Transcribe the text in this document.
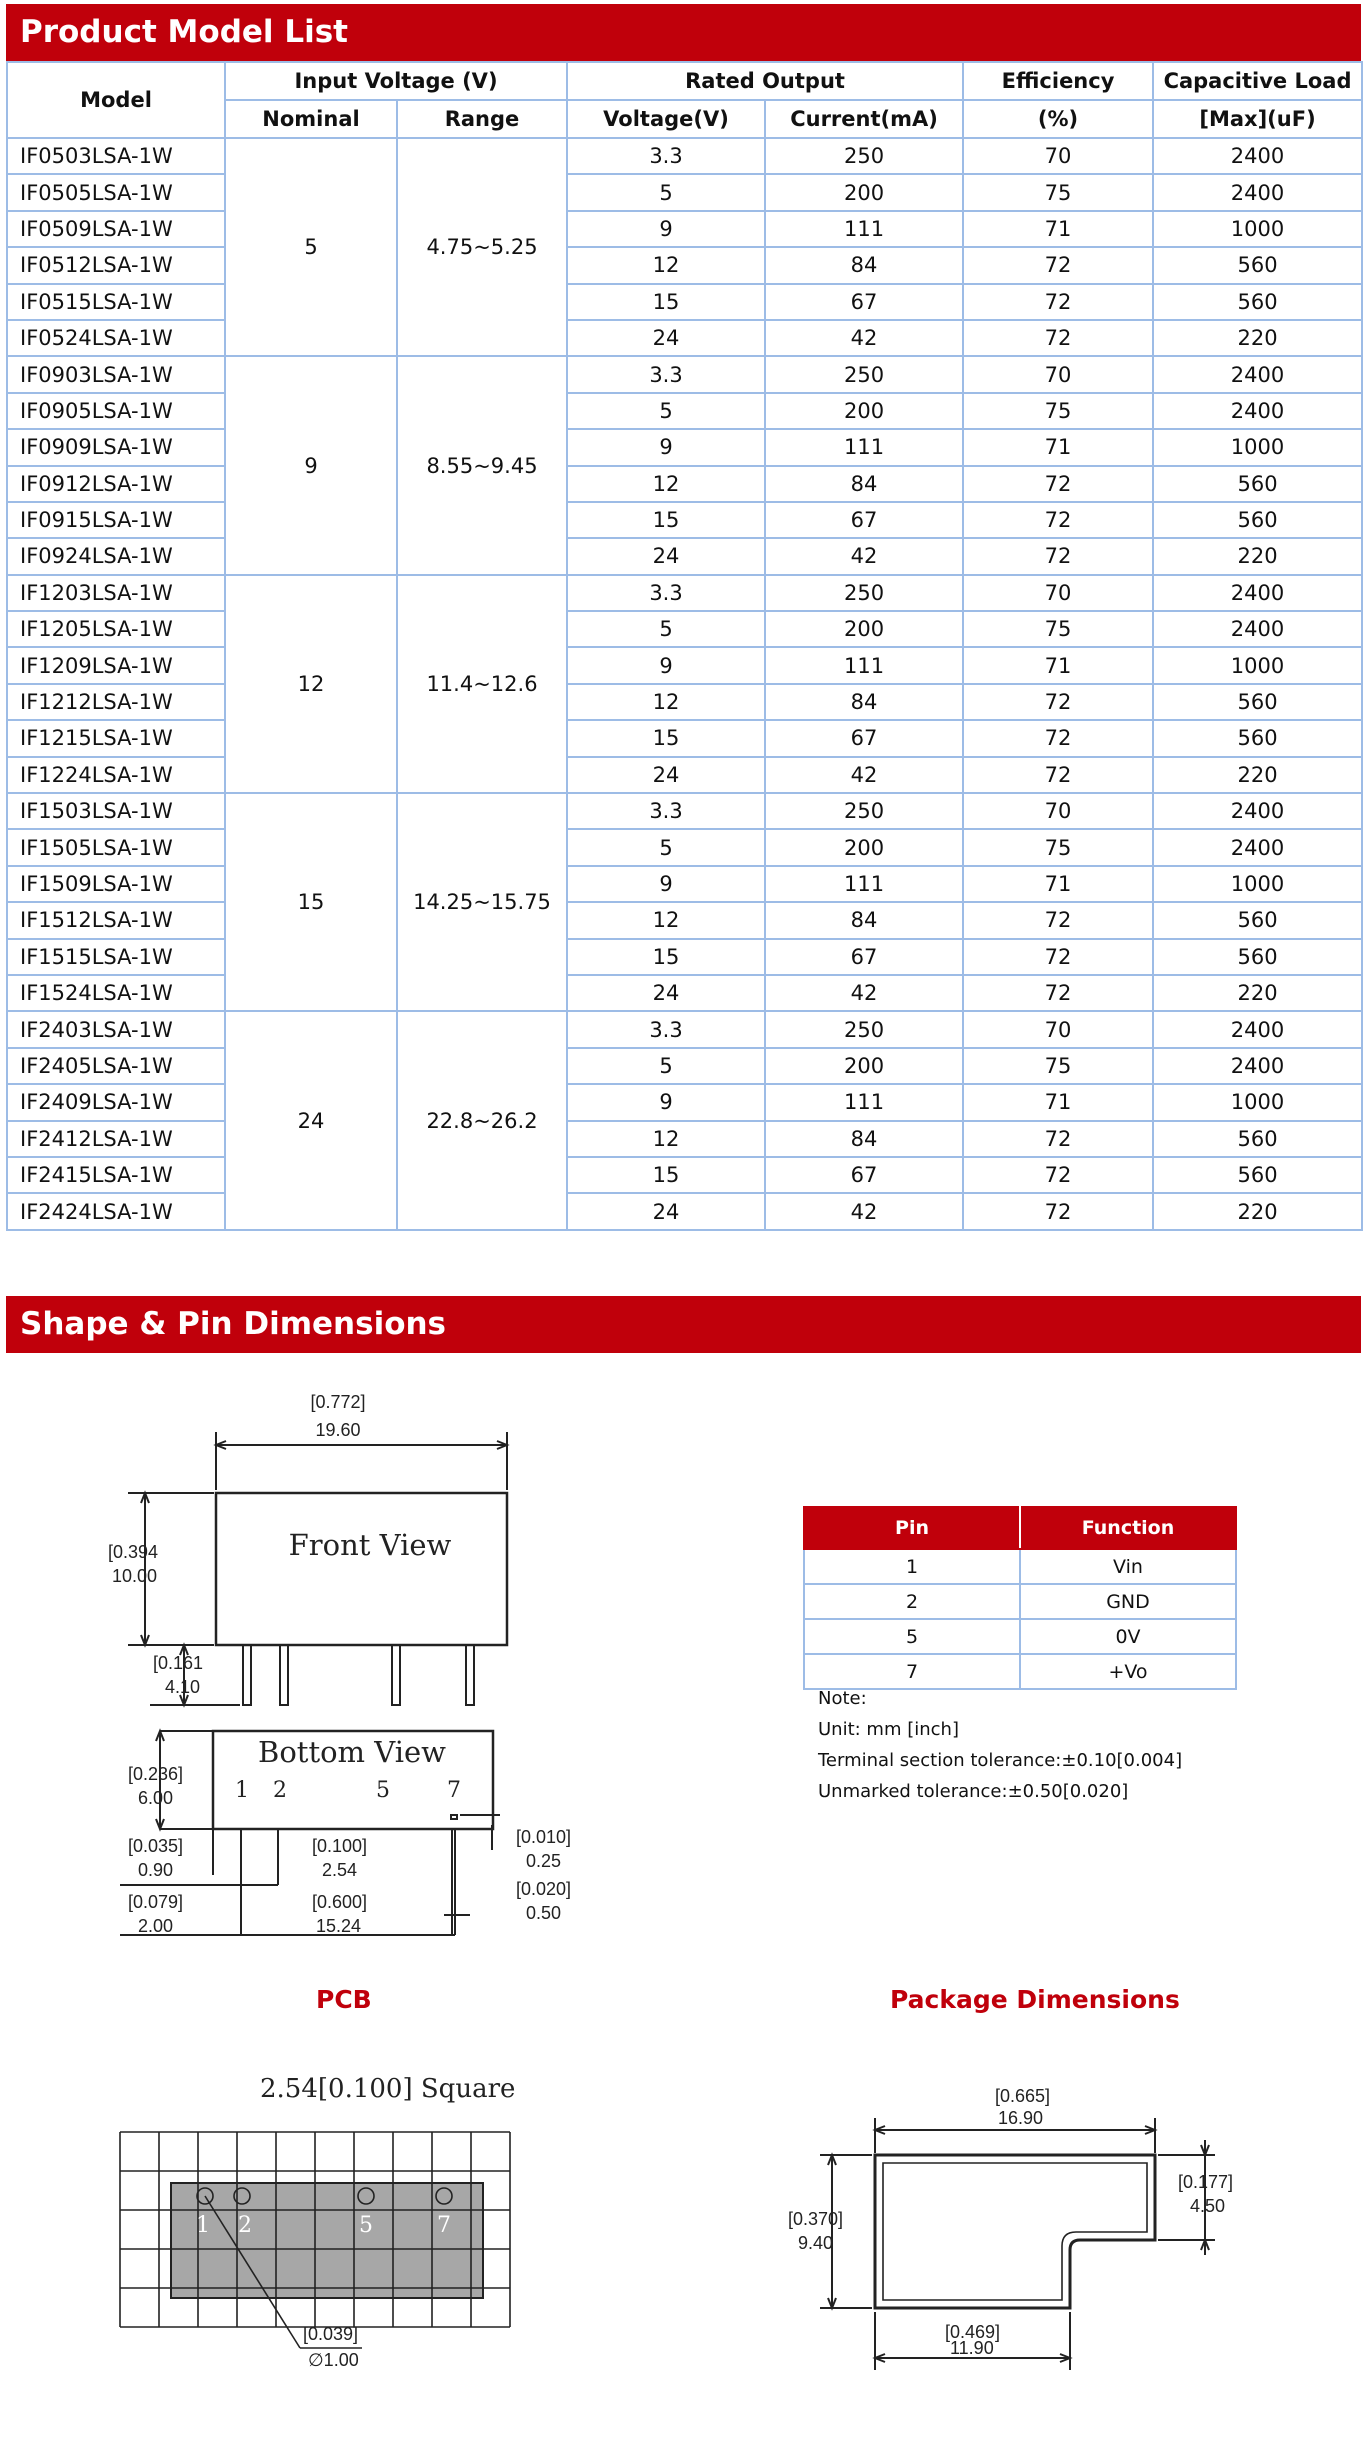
Product Model List
Model	Input Voltage (V)		Rated Output		Efficiency	Capacitive Load
	Nominal	Range	Voltage(V)	Current(mA)	(%)	[Max](uF)
IF0503LSA-1W	5	4.75~5.25	3.3	250	70	2400
IF0505LSA-1W			5	200	75	2400
IF0509LSA-1W			9	111	71	1000
IF0512LSA-1W			12	84	72	560
IF0515LSA-1W			15	67	72	560
IF0524LSA-1W			24	42	72	220
IF0903LSA-1W	9	8.55~9.45	3.3	250	70	2400
IF0905LSA-1W			5	200	75	2400
IF0909LSA-1W			9	111	71	1000
IF0912LSA-1W			12	84	72	560
IF0915LSA-1W			15	67	72	560
IF0924LSA-1W			24	42	72	220
IF1203LSA-1W	12	11.4~12.6	3.3	250	70	2400
IF1205LSA-1W			5	200	75	2400
IF1209LSA-1W			9	111	71	1000
IF1212LSA-1W			12	84	72	560
IF1215LSA-1W			15	67	72	560
IF1224LSA-1W			24	42	72	220
IF1503LSA-1W	15	14.25~15.75	3.3	250	70	2400
IF1505LSA-1W			5	200	75	2400
IF1509LSA-1W			9	111	71	1000
IF1512LSA-1W			12	84	72	560
IF1515LSA-1W			15	67	72	560
IF1524LSA-1W			24	42	72	220
IF2403LSA-1W	24	22.8~26.2	3.3	250	70	2400
IF2405LSA-1W			5	200	75	2400
IF2409LSA-1W			9	111	71	1000
IF2412LSA-1W			12	84	72	560
IF2415LSA-1W			15	67	72	560
IF2424LSA-1W			24	42	72	220
Shape & Pin Dimensions
[0.772]
19.60
Front View
[0.394
10.00
[0.161
4.10
Bottom View
1 2	5	7
[0.236]
6.00
[0.035]
0.90
[0.079]
2.00
[0.100]
2.54
[0.600]
15.24
[0.010]
0.25
[0.020]
0.50
Pin	Function
1	Vin
2	GND
5	0V
7	+Vo
Note:
Unit: mm [inch]
Terminal section tolerance:±0.10[0.004]
Unmarked tolerance:±0.50[0.020]
PCB	Package Dimensions
2.54[0.100] Square
1 2	5	7
[0.039]
∅1.00
[0.665]
16.90
[0.370]
9.40
[0.177]
4.50
[0.469]
11.90
